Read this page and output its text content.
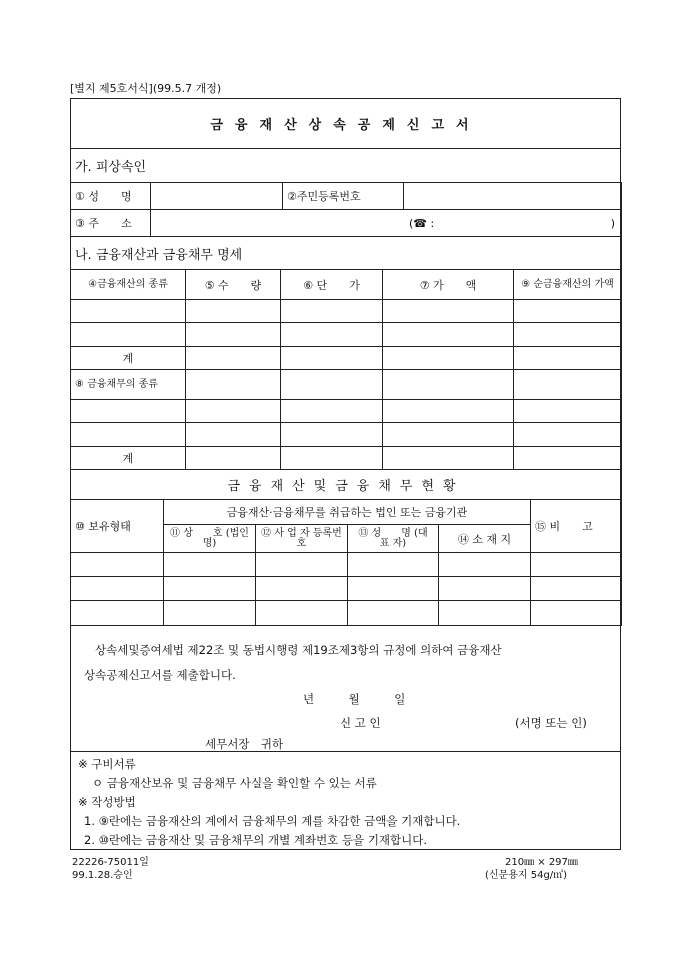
[별지 제5호서식](99.5.7 개정)
금융재산상속공제신고서
가. 피상속인
① 성　　명		②주민등록번호	
③ 주　　소	(☎ : )		

나. 금융재산과 금융채무 명세			
④금융재산의 종류	⑤ 수　　량	⑥ 단　　가	⑦ 가　　액	⑨ 순금융재산의 가액

계				
⑧ 금융채무의 종류				

계				
금융재산및금융채무현황					
⑩ 보유형태	금융재산·금융채무를 취급하는 법인 또는 금융기관				⑮ 비　　고
	⑪ 상　　호 (법인명)	⑫ 사 업 자 등록번호	⑬ 성　　명 (대 표 자)	⑭ 소 재 지	

상속세및증여세법 제22조 및 동법시행령 제19조제3항의 규정에 의하여 금융재산
상속공제신고서를 제출합니다.
년　　　월　　　일
신 고 인	(서명 또는 인)
세무서장　귀하
※ 구비서류
ㅇ 금융재산보유 및 금융채무 사실을 확인할 수 있는 서류
※ 작성방법
1. ⑨란에는 금융재산의 계에서 금융채무의 계를 차감한 금액을 기재합니다.
2. ⑩란에는 금융재산 및 금융채무의 개별 계좌번호 등을 기재합니다.
22226-75011일
99.1.28.승인
210㎜ × 297㎜
(신문용지 54g/㎡)
